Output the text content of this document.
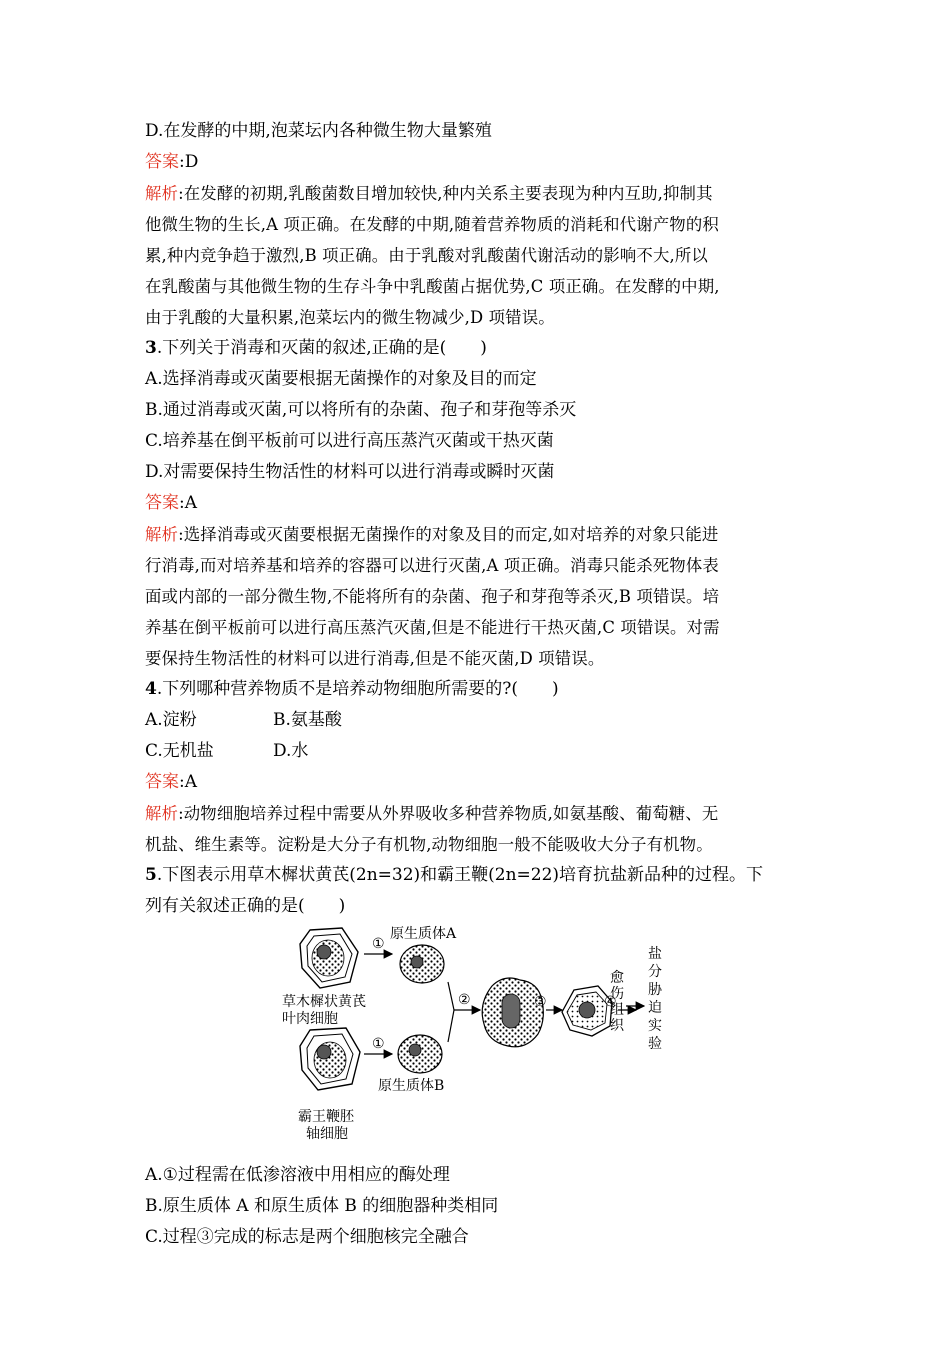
D.在发酵的中期,泡菜坛内各种微生物大量繁殖
答案:D
解析:在发酵的初期,乳酸菌数目增加较快,种内关系主要表现为种内互助,抑制其
他微生物的生长,A 项正确。在发酵的中期,随着营养物质的消耗和代谢产物的积
累,种内竞争趋于激烈,B 项正确。由于乳酸对乳酸菌代谢活动的影响不大,所以
在乳酸菌与其他微生物的生存斗争中乳酸菌占据优势,C 项正确。在发酵的中期,
由于乳酸的大量积累,泡菜坛内的微生物减少,D 项错误。
3.下列关于消毒和灭菌的叙述,正确的是(　　)
A.选择消毒或灭菌要根据无菌操作的对象及目的而定
B.通过消毒或灭菌,可以将所有的杂菌、孢子和芽孢等杀灭
C.培养基在倒平板前可以进行高压蒸汽灭菌或干热灭菌
D.对需要保持生物活性的材料可以进行消毒或瞬时灭菌
答案:A
解析:选择消毒或灭菌要根据无菌操作的对象及目的而定,如对培养的对象只能进
行消毒,而对培养基和培养的容器可以进行灭菌,A 项正确。消毒只能杀死物体表
面或内部的一部分微生物,不能将所有的杂菌、孢子和芽孢等杀灭,B 项错误。培
养基在倒平板前可以进行高压蒸汽灭菌,但是不能进行干热灭菌,C 项错误。对需
要保持生物活性的材料可以进行消毒,但是不能灭菌,D 项错误。
4.下列哪种营养物质不是培养动物细胞所需要的?(　　)
A.淀粉	B.氨基酸
C.无机盐	D.水
答案:A
解析:动物细胞培养过程中需要从外界吸收多种营养物质,如氨基酸、葡萄糖、无
机盐、维生素等。淀粉是大分子有机物,动物细胞一般不能吸收大分子有机物。
5.下图表示用草木樨状黄芪(2n=32)和霸王鞭(2n=22)培育抗盐新品种的过程。下
列有关叙述正确的是(　　)
①
原生质体A
草木樨状黄芪
叶肉细胞
①
原生质体B
霸王鞭胚
轴细胞
②	③	④
愈
伤
组
织
盐
分
胁
迫
实
验
A.①过程需在低渗溶液中用相应的酶处理
B.原生质体 A 和原生质体 B 的细胞器种类相同
C.过程③完成的标志是两个细胞核完全融合
